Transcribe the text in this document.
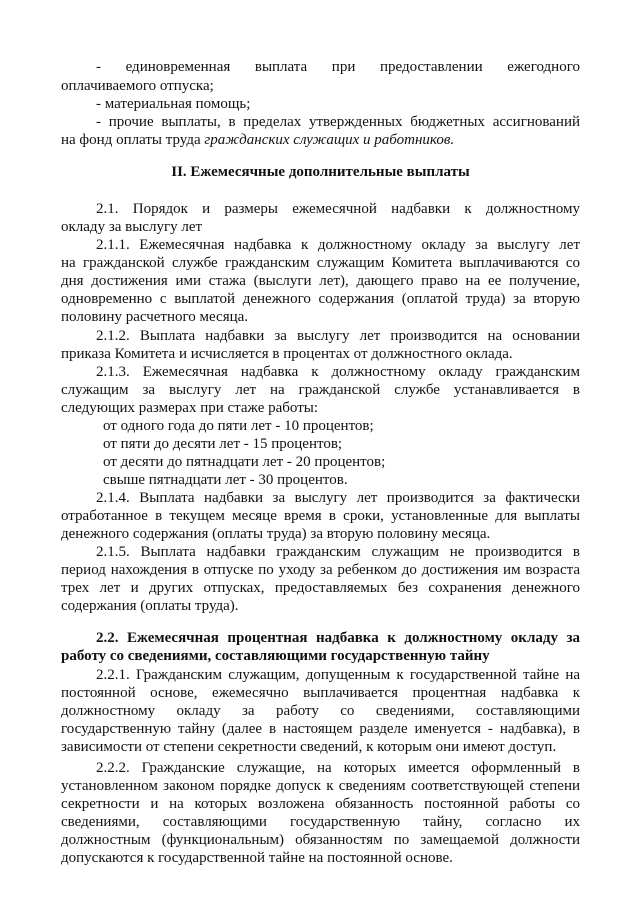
- единовременная выплата при предоставлении ежегодного
оплачиваемого отпуска;
- материальная помощь;
- прочие выплаты, в пределах утвержденных бюджетных ассигнований
на фонд оплаты труда гражданских служащих и работников.
II. Ежемесячные дополнительные выплаты
2.1. Порядок и размеры ежемесячной надбавки к должностному
окладу за выслугу лет
2.1.1. Ежемесячная надбавка к должностному окладу за выслугу лет
на гражданской службе гражданским служащим Комитета выплачиваются со
дня достижения ими стажа (выслуги лет), дающего право на ее получение,
одновременно с выплатой денежного содержания (оплатой труда) за вторую
половину расчетного месяца.
2.1.2. Выплата надбавки за выслугу лет производится на основании
приказа Комитета и исчисляется в процентах от должностного оклада.
2.1.3. Ежемесячная надбавка к должностному окладу гражданским
служащим за выслугу лет на гражданской службе устанавливается в
следующих размерах при стаже работы:
от одного года до пяти лет - 10 процентов;
от пяти до десяти лет - 15 процентов;
от десяти до пятнадцати лет - 20 процентов;
свыше пятнадцати лет - 30 процентов.
2.1.4. Выплата надбавки за выслугу лет производится за фактически
отработанное в текущем месяце время в сроки, установленные для выплаты
денежного содержания (оплаты труда) за вторую половину месяца.
2.1.5. Выплата надбавки гражданским служащим не производится в
период нахождения в отпуске по уходу за ребенком до достижения им возраста
трех лет и других отпусках, предоставляемых без сохранения денежного
содержания (оплаты труда).
2.2. Ежемесячная процентная надбавка к должностному окладу за
работу со сведениями, составляющими государственную тайну
2.2.1. Гражданским служащим, допущенным к государственной тайне на
постоянной основе, ежемесячно выплачивается процентная надбавка к
должностному окладу за работу со сведениями, составляющими
государственную тайну (далее в настоящем разделе именуется - надбавка), в
зависимости от степени секретности сведений, к которым они имеют доступ.
2.2.2. Гражданские служащие, на которых имеется оформленный в
установленном законом порядке допуск к сведениям соответствующей степени
секретности и на которых возложена обязанность постоянной работы со
сведениями, составляющими государственную тайну, согласно их
должностным (функциональным) обязанностям по замещаемой должности
допускаются к государственной тайне на постоянной основе.
